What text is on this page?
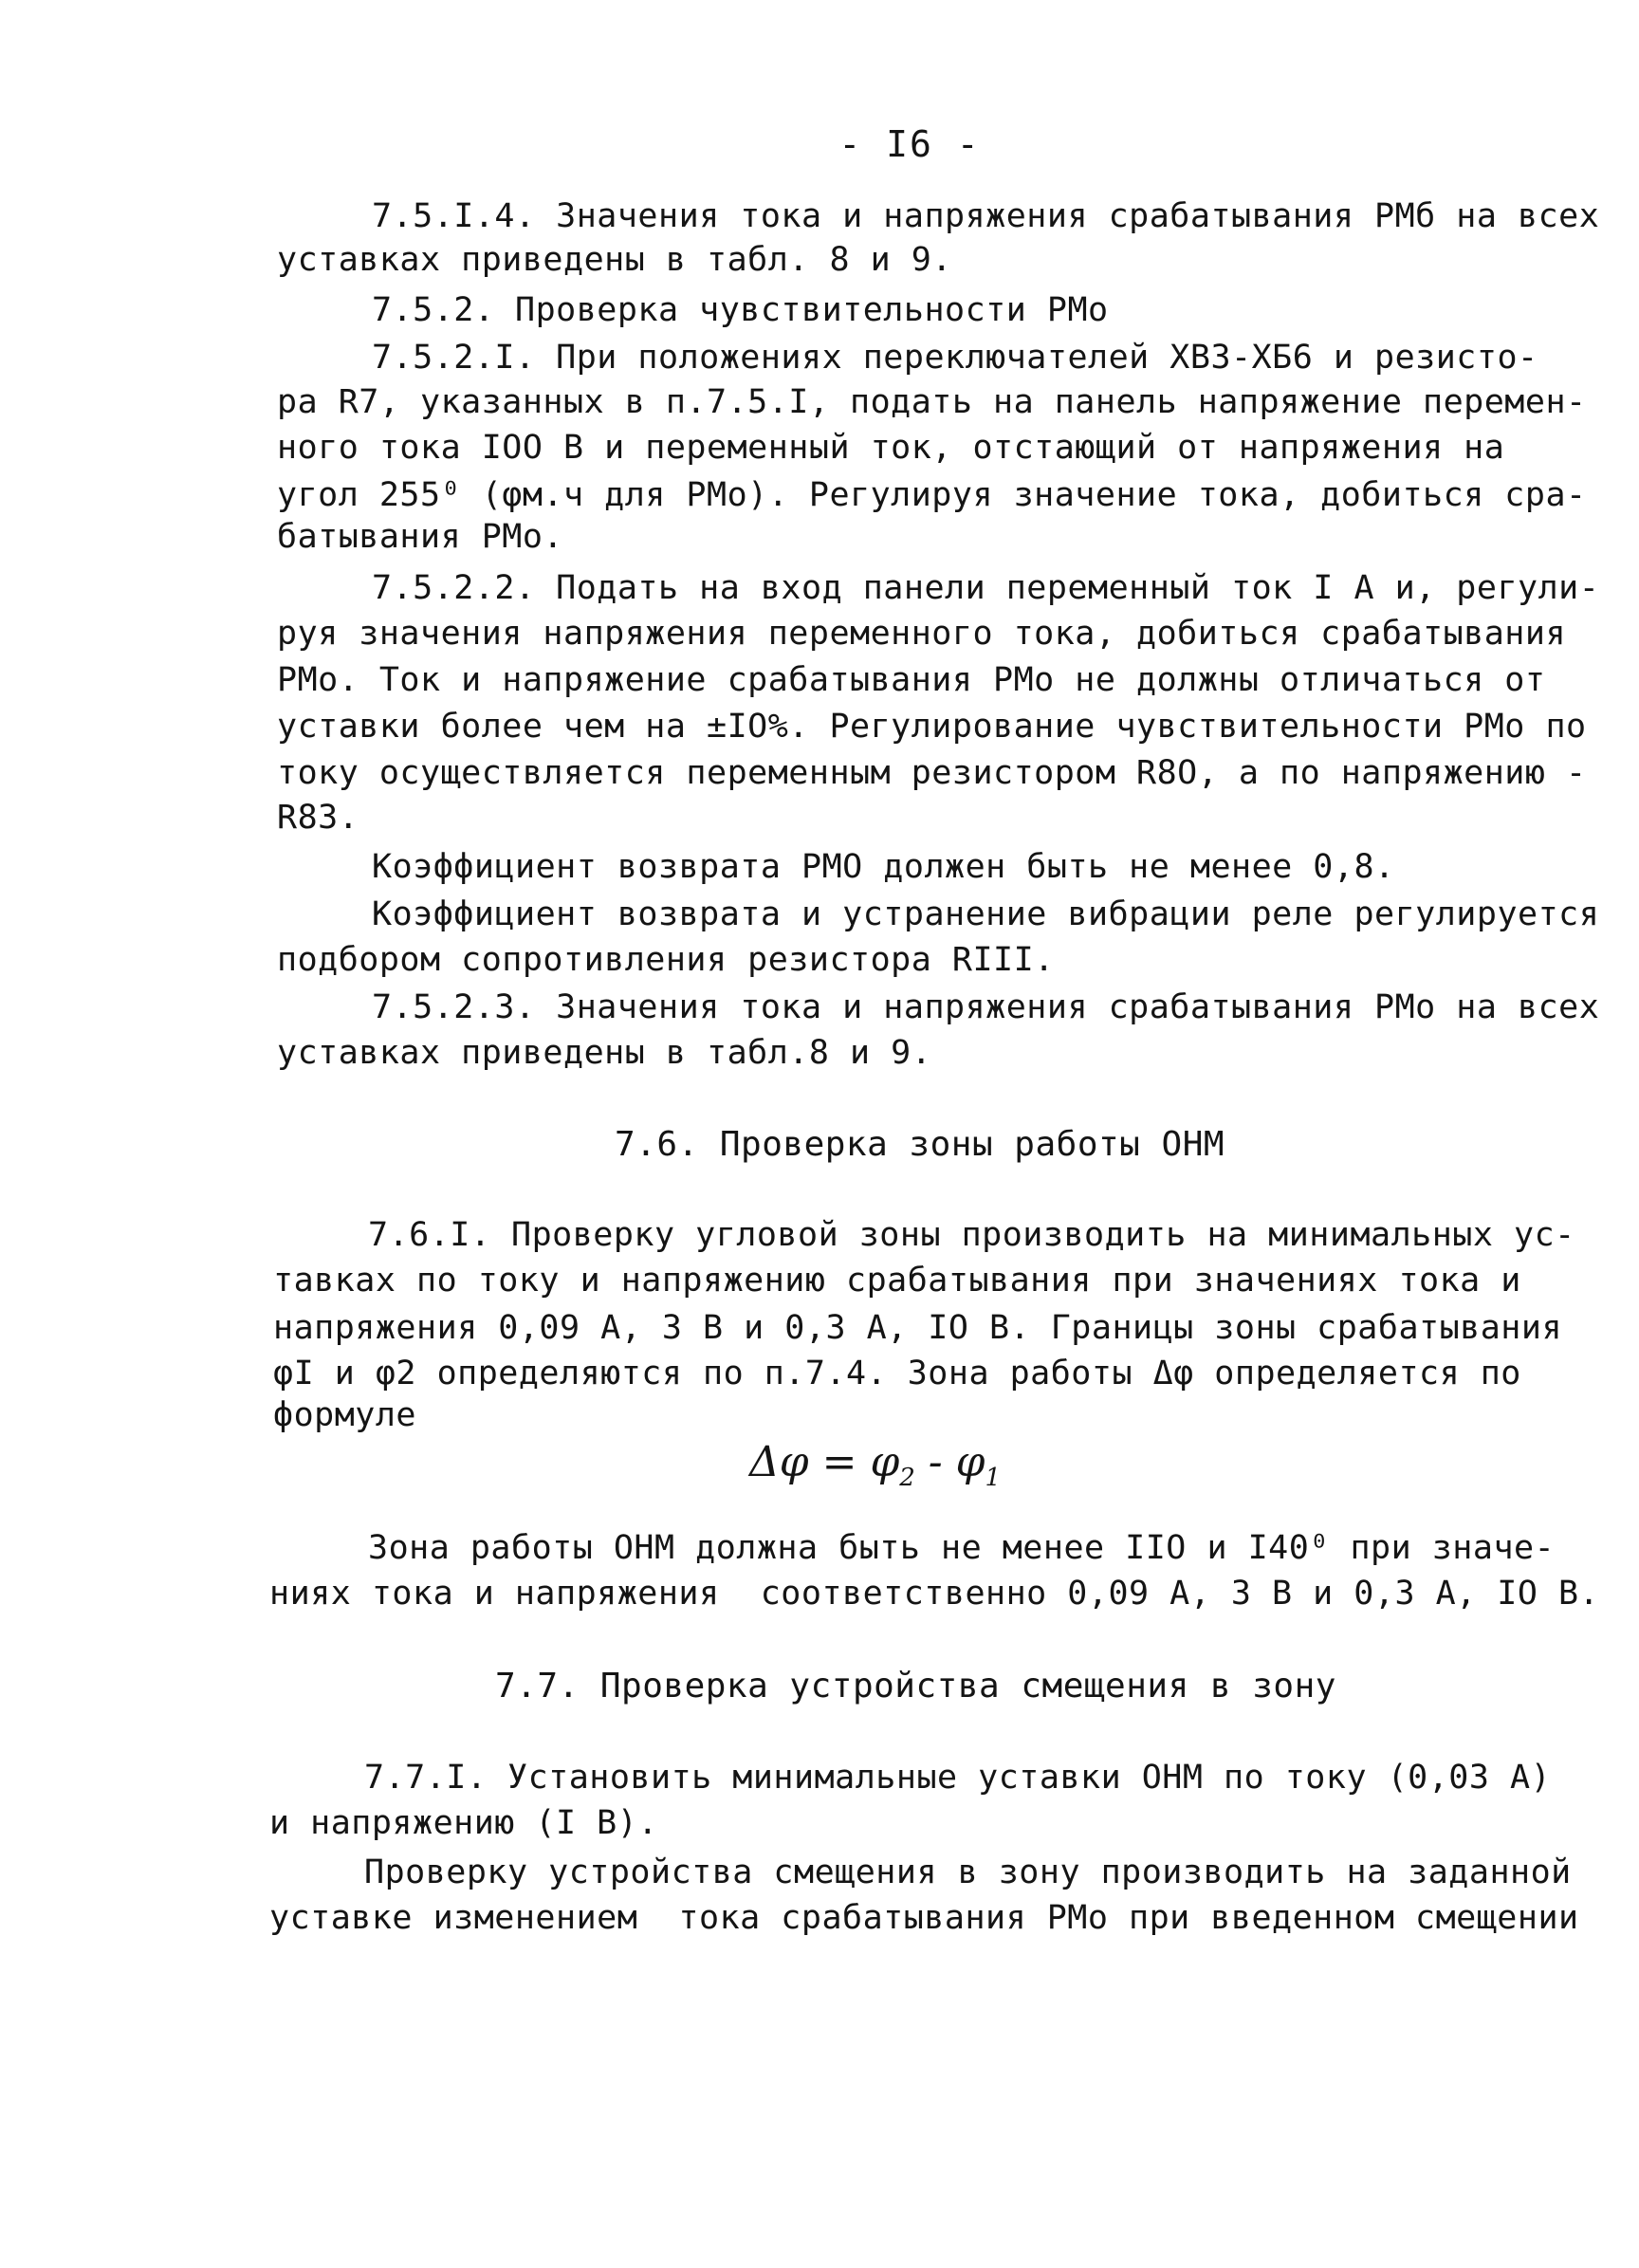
- I6 -
7.5.I.4. Значения тока и напряжения срабатывания РМб на всех
уставках приведены в табл. 8 и 9.
7.5.2. Проверка чувствительности РМо
7.5.2.I. При положениях переключателей ХВ3-ХБ6 и резисто-
ра R7, указанных в п.7.5.I, подать на панель напряжение перемен-
ного тока IOO В и переменный ток, отстающий от напряжения на
угол 255⁰ (φм.ч для РМо). Регулируя значение тока, добиться сра-
батывания РМо.
7.5.2.2. Подать на вход панели переменный ток I А и, регули-
руя значения напряжения переменного тока, добиться срабатывания
РМо. Ток и напряжение срабатывания РМо не должны отличаться от
уставки более чем на ±IO%. Регулирование чувствительности РМо по
току осуществляется переменным резистором R8O, а по напряжению -
R83.
Коэффициент возврата РМО должен быть не менее 0,8.
Коэффициент возврата и устранение вибрации реле регулируется
подбором сопротивления резистора RIII.
7.5.2.3. Значения тока и напряжения срабатывания РМо на всех
уставках приведены в табл.8 и 9.
7.6. Проверка зоны работы ОНМ
7.6.I. Проверку угловой зоны производить на минимальных ус-
тавках по току и напряжению срабатывания при значениях тока и
напряжения 0,09 А, 3 В и 0,3 А, IO В. Границы зоны срабатывания
φI и φ2 определяются по п.7.4. Зона работы Δφ определяется по
формуле
$\Delta\varphi = \varphi_2 - \varphi_1$
Зона работы ОНМ должна быть не менее IIO и I40⁰ при значе-
ниях тока и напряжения  соответственно 0,09 А, 3 В и 0,3 А, IO В.
7.7. Проверка устройства смещения в зону
7.7.I. Установить минимальные уставки ОНМ по току (0,03 А)
и напряжению (I В).
Проверку устройства смещения в зону производить на заданной
уставке изменением  тока срабатывания РМо при введенном смещении
